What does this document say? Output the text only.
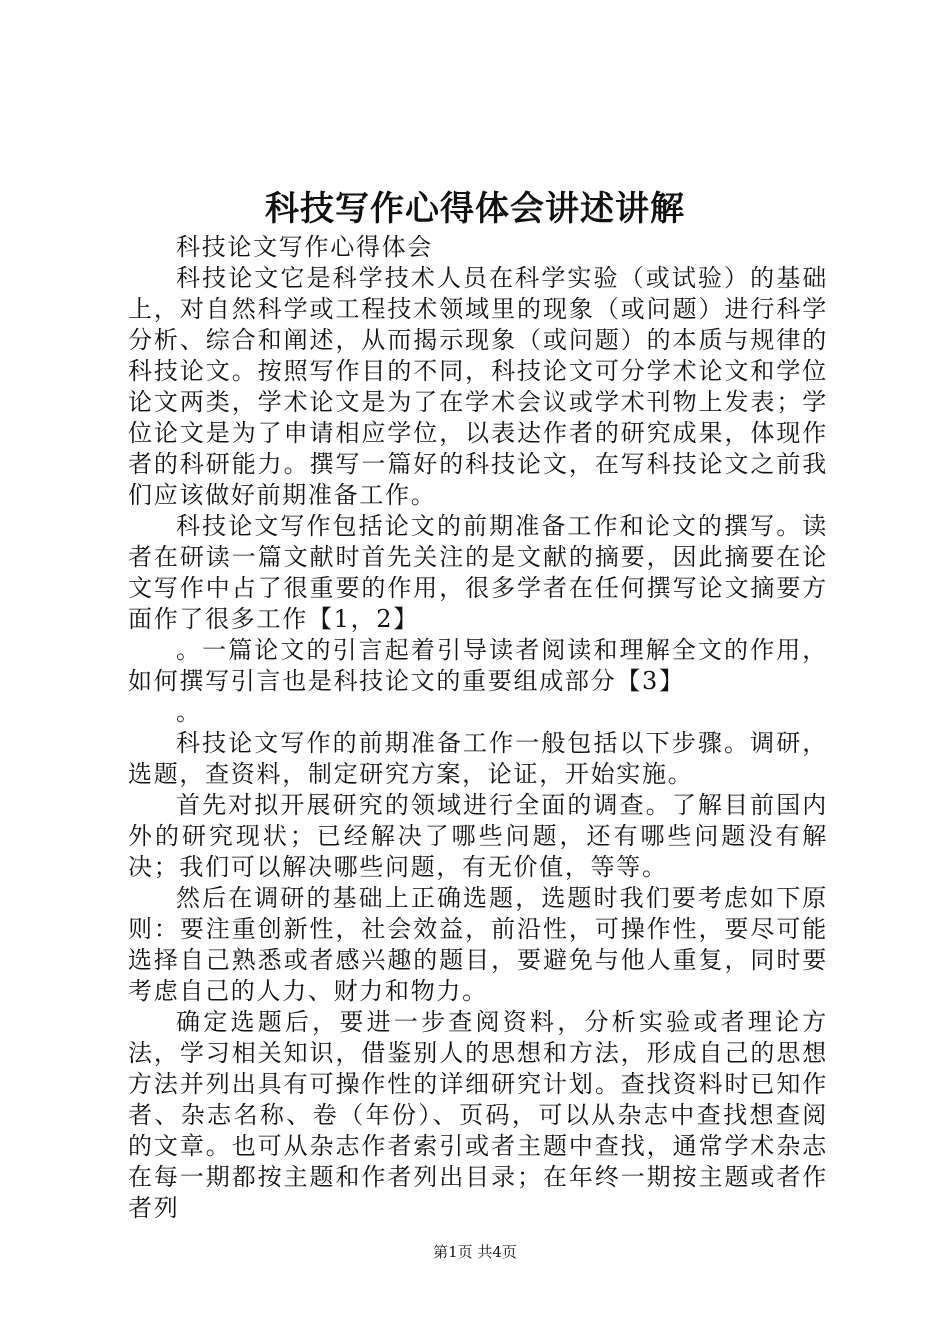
科技写作心得体会讲述讲解

科技论文写作心得体会

科技论文它是科学技术人员在科学实验（或试验）的基础上，对自然科学或工程技术领域里的现象（或问题）进行科学分析、综合和阐述，从而揭示现象（或问题）的本质与规律的科技论文。按照写作目的不同，科技论文可分学术论文和学位论文两类，学术论文是为了在学术会议或学术刊物上发表；学位论文是为了申请相应学位，以表达作者的研究成果，体现作者的科研能力。撰写一篇好的科技论文，在写科技论文之前我们应该做好前期准备工作。

科技论文写作包括论文的前期准备工作和论文的撰写。读者在研读一篇文献时首先关注的是文献的摘要，因此摘要在论文写作中占了很重要的作用，很多学者在任何撰写论文摘要方面作了很多工作【1，2】

。一篇论文的引言起着引导读者阅读和理解全文的作用，如何撰写引言也是科技论文的重要组成部分【3】

。

科技论文写作的前期准备工作一般包括以下步骤。调研，选题，查资料，制定研究方案，论证，开始实施。

首先对拟开展研究的领域进行全面的调查。了解目前国内外的研究现状；已经解决了哪些问题，还有哪些问题没有解决；我们可以解决哪些问题，有无价值，等等。

然后在调研的基础上正确选题，选题时我们要考虑如下原则：要注重创新性，社会效益，前沿性，可操作性，要尽可能选择自己熟悉或者感兴趣的题目，要避免与他人重复，同时要考虑自己的人力、财力和物力。

确定选题后，要进一步查阅资料，分析实验或者理论方法，学习相关知识，借鉴别人的思想和方法，形成自己的思想方法并列出具有可操作性的详细研究计划。查找资料时已知作者、杂志名称、卷（年份）、页码，可以从杂志中查找想查阅的文章。也可从杂志作者索引或者主题中查找，通常学术杂志在每一期都按主题和作者列出目录；在年终一期按主题或者作者列

第1页 共4页
